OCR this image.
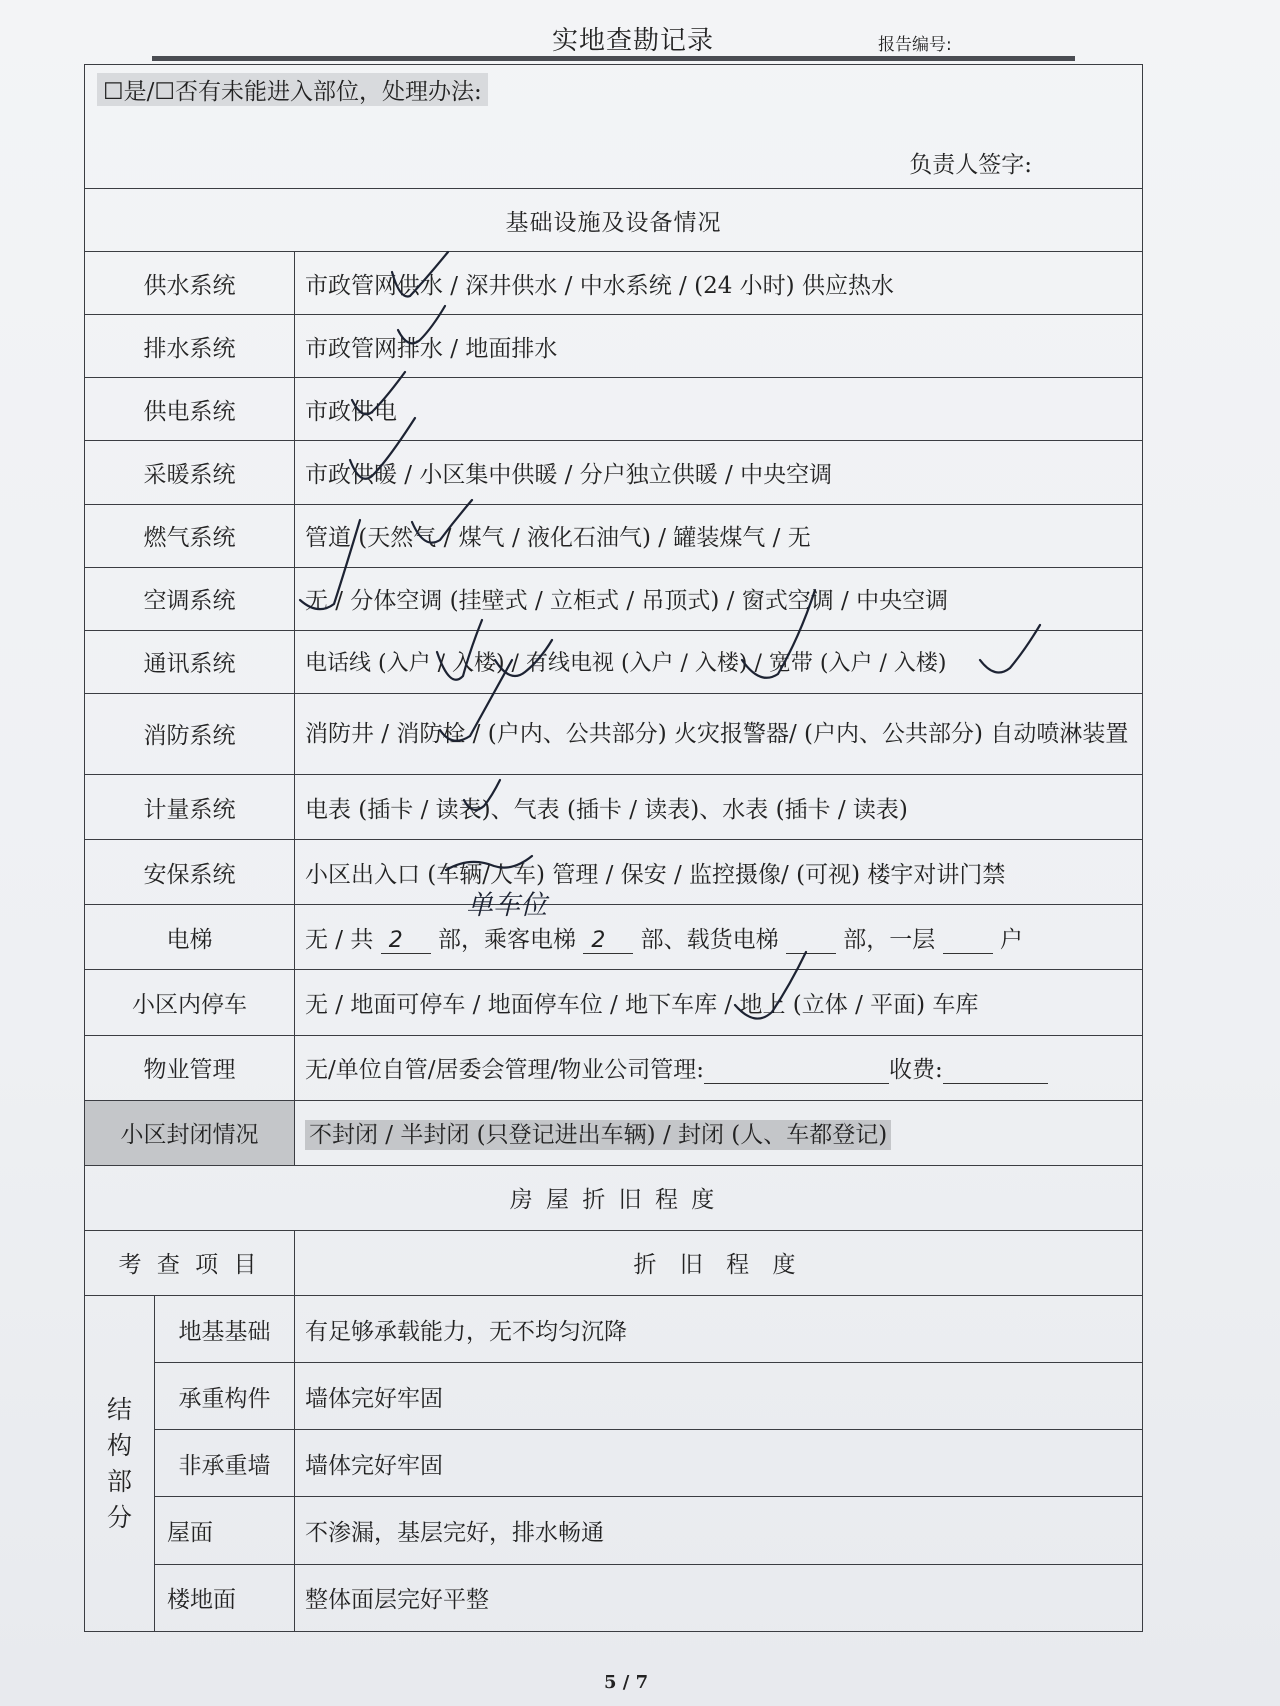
实地查勘记录	报告编号:
☐是/☐否有未能进入部位，处理办法:
负责人签字:		

基础设施及设备情况		
供水系统		市政管网供水 / 深井供水 / 中水系统 / (24 小时) 供应热水
排水系统		市政管网排水 / 地面排水
供电系统		市政供电
采暖系统		市政供暖 / 小区集中供暖 / 分户独立供暖 / 中央空调
燃气系统		管道 (天然气 / 煤气 / 液化石油气) / 罐装煤气 / 无
空调系统		无 / 分体空调 (挂壁式 / 立柜式 / 吊顶式) / 窗式空调 / 中央空调
通讯系统		电话线 (入户 / 入楼) / 有线电视 (入户 / 入楼) / 宽带 (入户 / 入楼)
消防系统		消防井 / 消防栓 / (户内、公共部分) 火灾报警器/ (户内、公共部分) 自动喷淋装置
计量系统		电表 (插卡 / 读表)、气表 (插卡 / 读表)、水表 (插卡 / 读表)
安保系统		小区出入口 (车辆/人车) 管理 / 保安 / 监控摄像/ (可视) 楼宇对讲门禁
电梯		无 / 共 2 部，乘客电梯 2 部、载货电梯 部，一层 户
小区内停车		无 / 地面可停车 / 地面停车位 / 地下车库 / 地上 (立体 / 平面) 车库
物业管理		无/单位自管/居委会管理/物业公司管理: 收费:
小区封闭情况		不封闭 / 半封闭 (只登记进出车辆) / 封闭 (人、车都登记)
房 屋 折 旧 程 度		
考 查 项 目		折 旧 程 度
结构部分	地基基础	有足够承载能力，无不均匀沉降
	承重构件	墙体完好牢固
	非承重墙	墙体完好牢固
	屋面	不渗漏，基层完好，排水畅通
	楼地面	整体面层完好平整
单车位
5 / 7
